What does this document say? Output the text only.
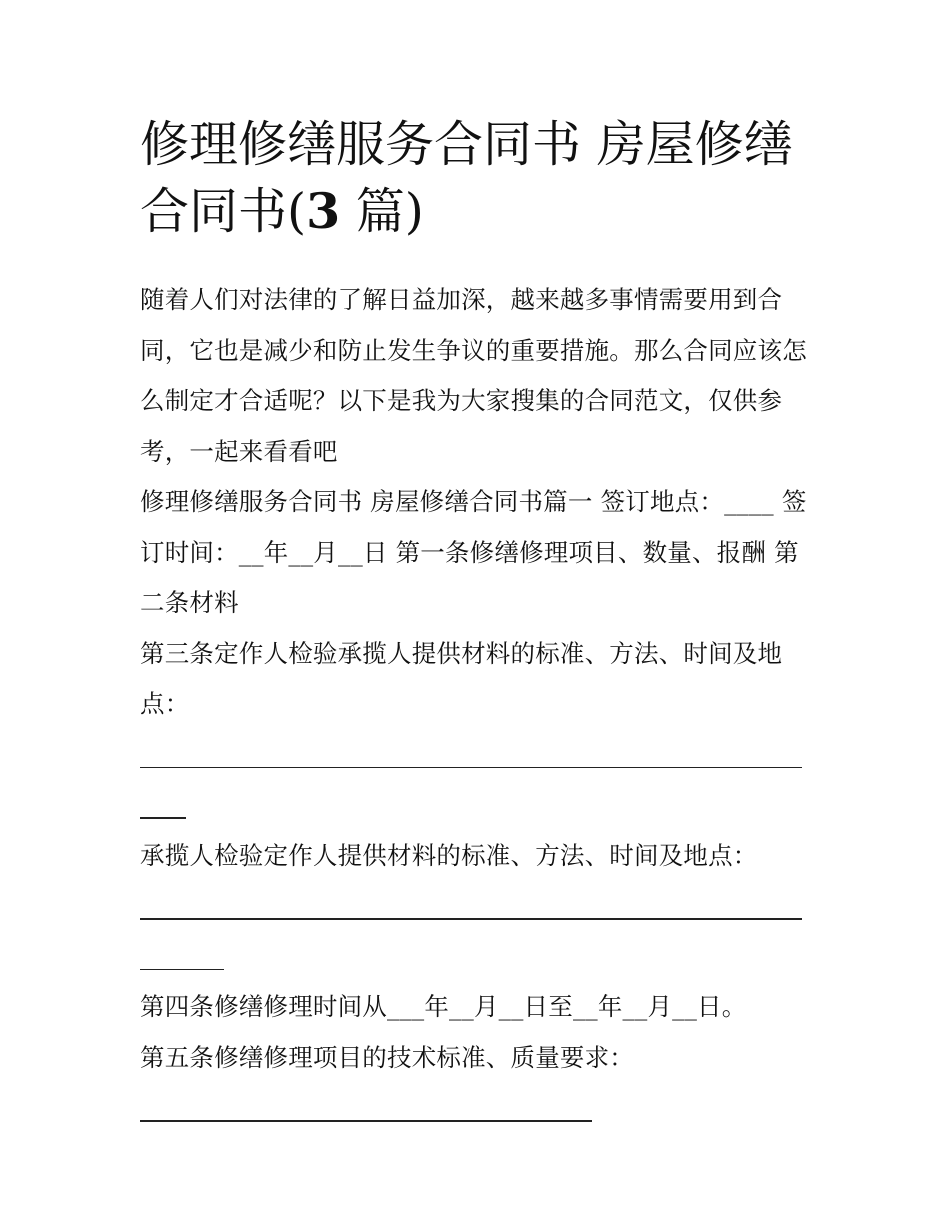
修理修缮服务合同书 房屋修缮合同书(3 篇)

随着人们对法律的了解日益加深，越来越多事情需要用到合同，它也是减少和防止发生争议的重要措施。那么合同应该怎么制定才合适呢？以下是我为大家搜集的合同范文，仅供参考，一起来看看吧

修理修缮服务合同书 房屋修缮合同书篇一 签订地点：____ 签订时间：__年__月__日 第一条修缮修理项目、数量、报酬 第二条材料

第三条定作人检验承揽人提供材料的标准、方法、时间及地点：

承揽人检验定作人提供材料的标准、方法、时间及地点：

第四条修缮修理时间从___年__月__日至__年__月__日。

第五条修缮修理项目的技术标准、质量要求：
